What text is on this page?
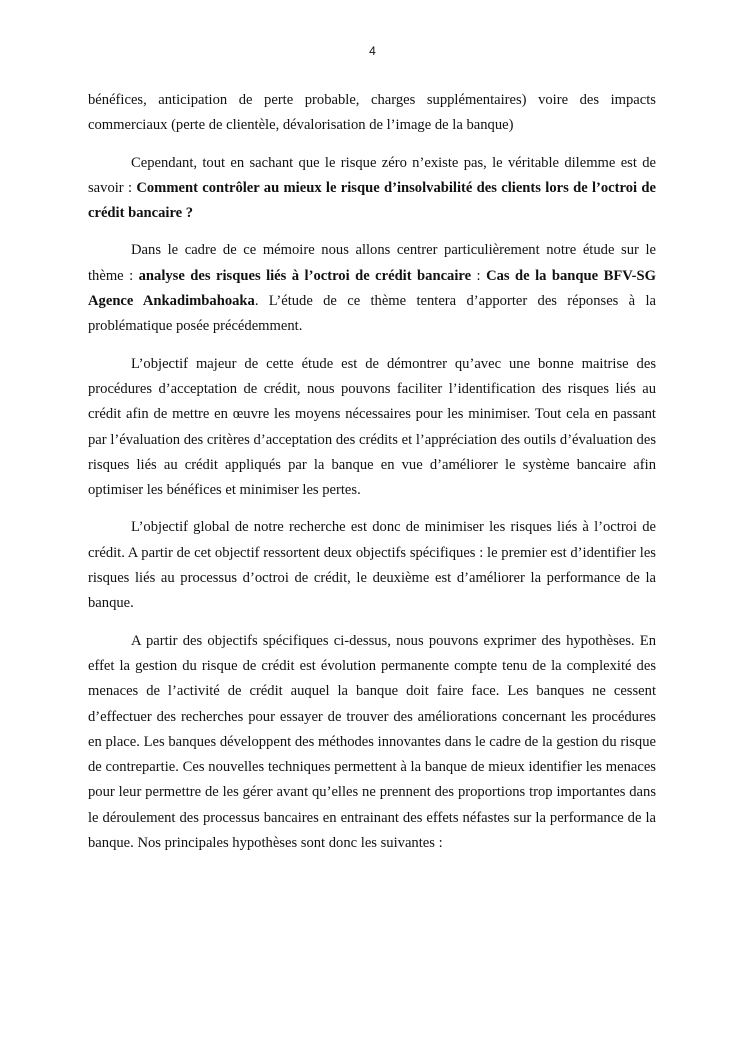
4

bénéfices, anticipation de perte probable, charges supplémentaires) voire des impacts commerciaux (perte de clientèle, dévalorisation de l’image de la banque)

Cependant, tout en sachant que le risque zéro n’existe pas, le véritable dilemme est de savoir : Comment contrôler au mieux le risque d’insolvabilité des clients lors de l’octroi de crédit bancaire ?

Dans le cadre de ce mémoire nous allons centrer particulièrement notre étude sur le thème : analyse des risques liés à l’octroi de crédit bancaire : Cas de la banque BFV-SG Agence Ankadimbahoaka. L’étude de ce thème tentera d’apporter des réponses à la problématique posée précédemment.

L’objectif majeur de cette étude est de démontrer qu’avec une bonne maitrise des procédures d’acceptation de crédit, nous pouvons faciliter l’identification des risques liés au crédit afin de mettre en œuvre les moyens nécessaires pour les minimiser. Tout cela en passant par l’évaluation des critères d’acceptation des crédits et l’appréciation des outils d’évaluation des risques liés au crédit appliqués par la banque en vue d’améliorer le système bancaire afin optimiser les bénéfices et minimiser les pertes.

L’objectif global de notre recherche est donc de minimiser les risques liés à l’octroi de crédit. A partir de cet objectif ressortent deux objectifs spécifiques : le premier est d’identifier les risques liés au processus d’octroi de crédit, le deuxième est d’améliorer la performance de la banque.

A partir des objectifs spécifiques ci-dessus, nous pouvons exprimer des hypothèses. En effet la gestion du risque de crédit est évolution permanente compte tenu de la complexité des menaces de l’activité de crédit auquel la banque doit faire face. Les banques ne cessent d’effectuer des recherches pour essayer de trouver des améliorations concernant les procédures en place. Les banques développent des méthodes innovantes dans le cadre de la gestion du risque de contrepartie. Ces nouvelles techniques permettent à la banque de mieux identifier les menaces pour leur permettre de les gérer avant qu’elles ne prennent des proportions trop importantes dans le déroulement des processus bancaires en entrainant des effets néfastes sur la performance de la banque. Nos principales hypothèses sont donc les suivantes :
